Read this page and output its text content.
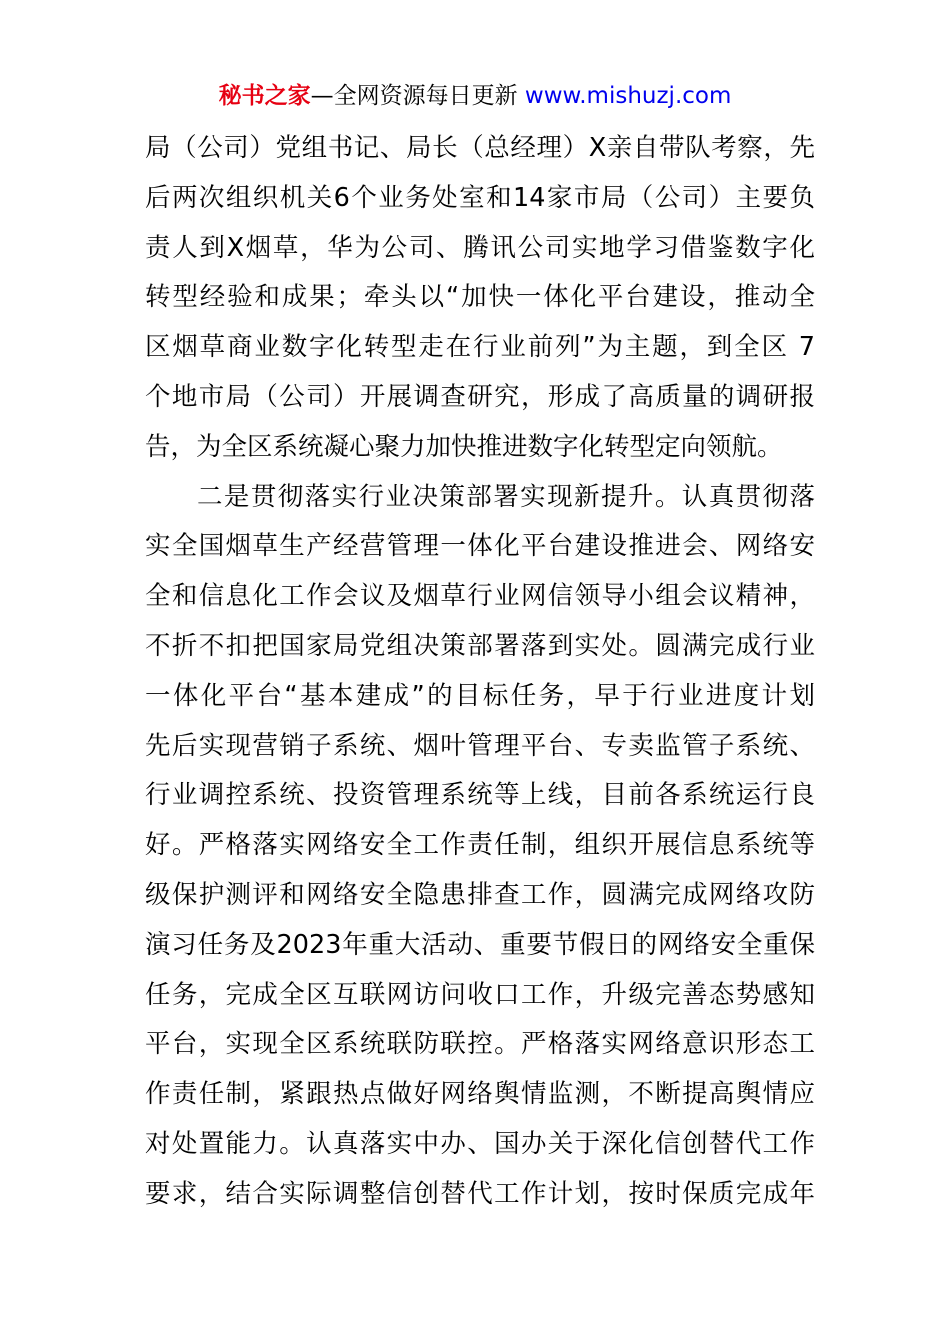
秘书之家—全网资源每日更新 www.mishuzj.com
局（公司）党组书记、局长（总经理）X亲自带队考察，先
后两次组织机关6个业务处室和14家市局（公司）主要负
责人到X烟草，华为公司、腾讯公司实地学习借鉴数字化
转型经验和成果；牵头以“加快一体化平台建设，推动全
区烟草商业数字化转型走在行业前列”为主题，到全区 7
个地市局（公司）开展调查研究，形成了高质量的调研报
告，为全区系统凝心聚力加快推进数字化转型定向领航。
二是贯彻落实行业决策部署实现新提升。认真贯彻落
实全国烟草生产经营管理一体化平台建设推进会、网络安
全和信息化工作会议及烟草行业网信领导小组会议精神，
不折不扣把国家局党组决策部署落到实处。圆满完成行业
一体化平台“基本建成”的目标任务，早于行业进度计划
先后实现营销子系统、烟叶管理平台、专卖监管子系统、
行业调控系统、投资管理系统等上线，目前各系统运行良
好。严格落实网络安全工作责任制，组织开展信息系统等
级保护测评和网络安全隐患排查工作，圆满完成网络攻防
演习任务及2023年重大活动、重要节假日的网络安全重保
任务，完成全区互联网访问收口工作，升级完善态势感知
平台，实现全区系统联防联控。严格落实网络意识形态工
作责任制，紧跟热点做好网络舆情监测，不断提高舆情应
对处置能力。认真落实中办、国办关于深化信创替代工作
要求，结合实际调整信创替代工作计划，按时保质完成年
